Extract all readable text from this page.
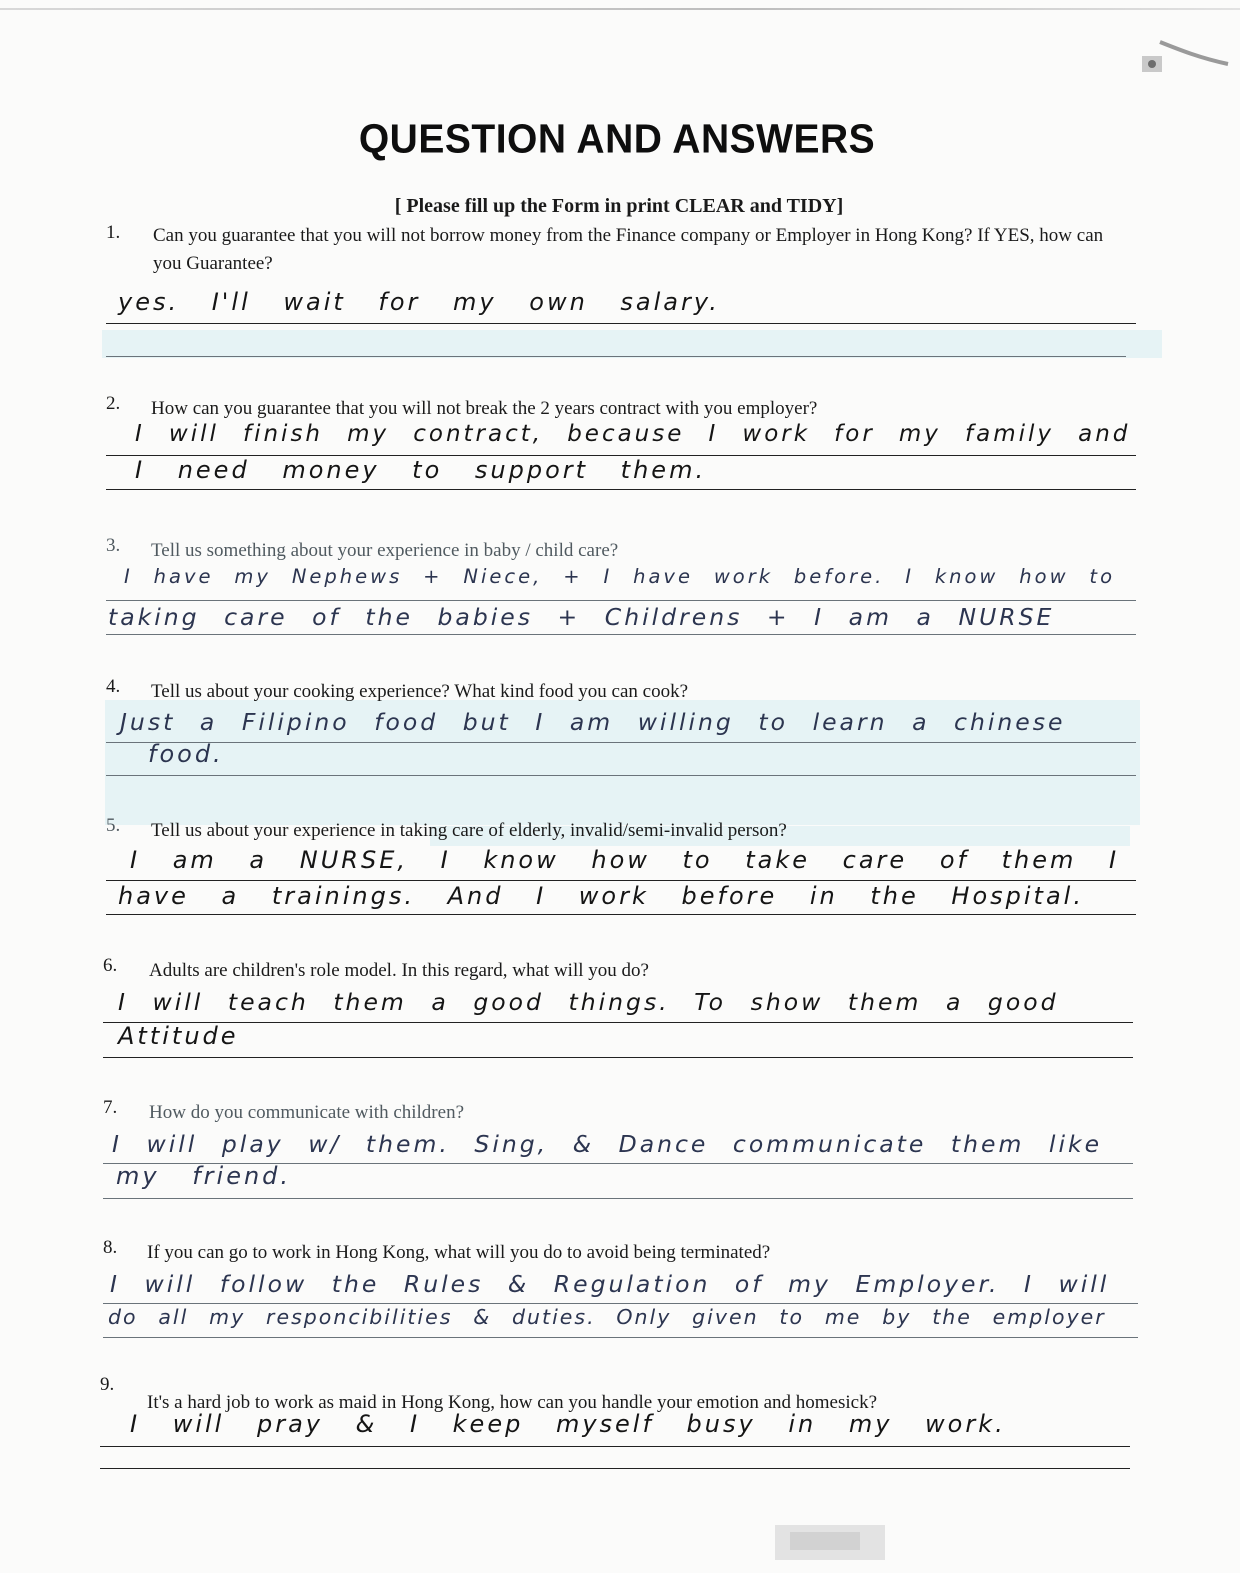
QUESTION AND ANSWERS
[ Please fill up the Form in print CLEAR and TIDY]
1. Can you guarantee that you will not borrow money from the Finance company or Employer in Hong Kong? If YES, how can you Guarantee?
yes. I'll wait for my own salary.
2. How can you guarantee that you will not break the 2 years contract with you employer?
I will finish my contract, because I work for my family and
I need money to support them.
3. Tell us something about your experience in baby / child care?
I have my Nephews + Niece, + I have work before. I know how to
taking care of the babies + Childrens + I am a NURSE
4. Tell us about your cooking experience? What kind food you can cook?
Just a Filipino food but I am willing to learn a chinese
food.
5. Tell us about your experience in taking care of elderly, invalid/semi-invalid person?
I am a NURSE, I know how to take care of them I
have a trainings. And I work before in the Hospital.
6. Adults are children's role model. In this regard, what will you do?
I will teach them a good things. To show them a good
Attitude
7. How do you communicate with children?
I will play w/ them. Sing, & Dance communicate them like
my friend.
8. If you can go to work in Hong Kong, what will you do to avoid being terminated?
I will follow the Rules & Regulation of my Employer. I will
do all my responcibilities & duties. Only given to me by the employer
9.
It's a hard job to work as maid in Hong Kong, how can you handle your emotion and homesick?
I will pray & I keep myself busy in my work.
